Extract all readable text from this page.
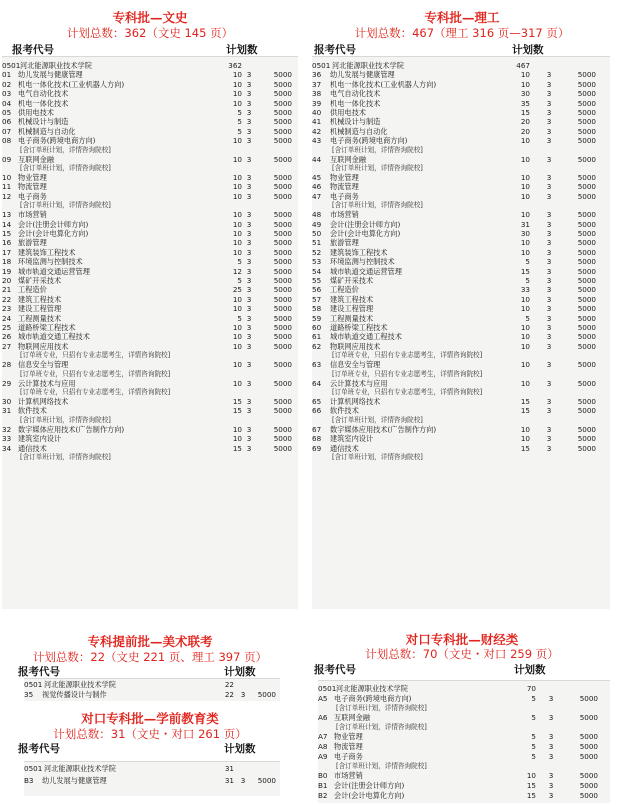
专科批—文史
计划总数：362（文史 145 页）
报考代号	计划数
0501 河北能源职业技术学院	362
01 幼儿发展与健康管理	10 3	5000
02 机电一体化技术(工业机器人方向)	10 3	5000
03 电气自动化技术	10 3	5000
04 机电一体化技术	10 3	5000
05 供用电技术	5 3	5000
06 机械设计与制造	5 3	5000
07 机械制造与自动化	5 3	5000
08 电子商务(跨境电商方向)	10 3	5000
[含订单班计划，详情咨询院校]
09 互联网金融	10 3	5000
[含订单班计划，详情咨询院校]
10 物业管理	10 3	5000
11 物流管理	10 3	5000
12 电子商务	10 3	5000
[含订单班计划，详情咨询院校]
13 市场营销	10 3	5000
14 会计(注册会计师方向)	10 3	5000
15 会计(会计电算化方向)	10 3	5000
16 旅游管理	10 3	5000
17 建筑装饰工程技术	10 3	5000
18 环境监测与控制技术	5 3	5000
19 城市轨道交通运营管理	12 3	5000
20 煤矿开采技术	5 3	5000
21 工程造价	25 3	5000
22 建筑工程技术	10 3	5000
23 建设工程管理	10 3	5000
24 工程测量技术	5 3	5000
25 道路桥梁工程技术	10 3	5000
26 城市轨道交通工程技术	10 3	5000
27 物联网应用技术	10 3	5000
[订单班专业，只招有专业志愿考生，详情咨询院校]
28 信息安全与管理	10 3	5000
[订单班专业，只招有专业志愿考生，详情咨询院校]
29 云计算技术与应用	10 3	5000
[订单班专业，只招有专业志愿考生，详情咨询院校]
30 计算机网络技术	15 3	5000
31 软件技术	15 3	5000
[含订单班计划，详情咨询院校]
32 数字媒体应用技术(广告制作方向)	10 3	5000
33 建筑室内设计	10 3	5000
34 通信技术	15 3	5000
[含订单班计划，详情咨询院校]
专科批—理工
计划总数：467（理工 316 页—317 页）
报考代号	计划数
0501 河北能源职业技术学院	467
36 幼儿发展与健康管理	10	3	5000
37 机电一体化技术(工业机器人方向)	10	3	5000
38 电气自动化技术	30	3	5000
39 机电一体化技术	35	3	5000
40 供用电技术	15	3	5000
41 机械设计与制造	20	3	5000
42 机械制造与自动化	20	3	5000
43 电子商务(跨境电商方向)	10	3	5000
[含订单班计划，详情咨询院校]
44 互联网金融	10	3	5000
[含订单班计划，详情咨询院校]
45 物业管理	10	3	5000
46 物流管理	10	3	5000
47 电子商务	10	3	5000
[含订单班计划，详情咨询院校]
48 市场营销	10	3	5000
49 会计(注册会计师方向)	31	3	5000
50 会计(会计电算化方向)	30	3	5000
51 旅游管理	10	3	5000
52 建筑装饰工程技术	10	3	5000
53 环境监测与控制技术	5	3	5000
54 城市轨道交通运营管理	15	3	5000
55 煤矿开采技术	5	3	5000
56 工程造价	33	3	5000
57 建筑工程技术	10	3	5000
58 建设工程管理	10	3	5000
59 工程测量技术	5	3	5000
60 道路桥梁工程技术	10	3	5000
61 城市轨道交通工程技术	10	3	5000
62 物联网应用技术	10	3	5000
[订单班专业，只招有专业志愿考生，详情咨询院校]
63 信息安全与管理	10	3	5000
[订单班专业，只招有专业志愿考生，详情咨询院校]
64 云计算技术与应用	10	3	5000
[订单班专业，只招有专业志愿考生，详情咨询院校]
65 计算机网络技术	15	3	5000
66 软件技术	15	3	5000
[含订单班计划，详情咨询院校]
67 数字媒体应用技术(广告制作方向)	10	3	5000
68 建筑室内设计	10	3	5000
69 通信技术	15	3	5000
[含订单班计划，详情咨询院校]
专科提前批—美术联考
计划总数：22（文史 221 页、理工 397 页）
报考代号	计划数
0501 河北能源职业技术学院	22
35 视觉传播设计与制作	22 3	5000
对口专科批—学前教育类
计划总数：31（文史・对口 261 页）
报考代号	计划数
0501 河北能源职业技术学院	31
B3 幼儿发展与健康管理	31 3	5000
对口专科批—财经类
计划总数：70（文史・对口 259 页）
报考代号	计划数
0501 河北能源职业技术学院	70
A5 电子商务(跨境电商方向)	5	3	5000
[含订单班计划，详情咨询院校]
A6 互联网金融	5	3	5000
[含订单班计划，详情咨询院校]
A7 物业管理	5	3	5000
A8 物流管理	5	3	5000
A9 电子商务	5	3	5000
[含订单班计划，详情咨询院校]
B0 市场营销	10	3	5000
B1 会计(注册会计师方向)	15	3	5000
B2 会计(会计电算化方向)	15	3	5000
